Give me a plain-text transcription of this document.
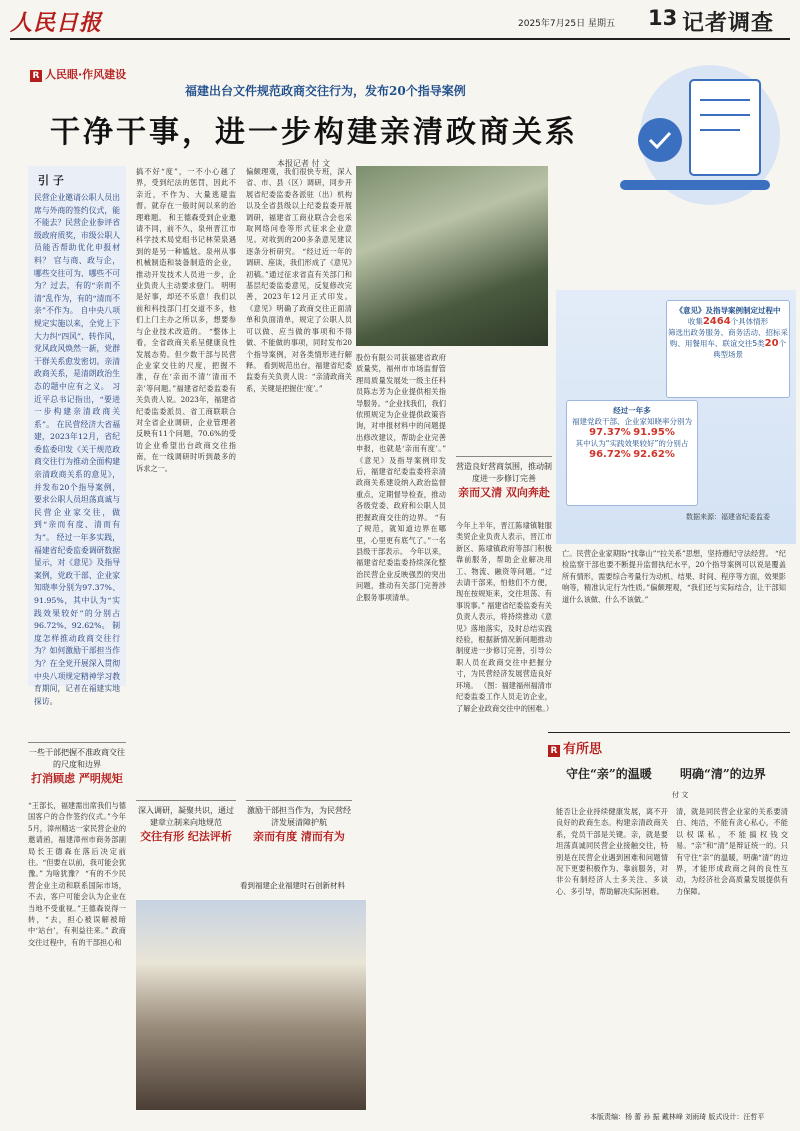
人民日报	2025年7月25日 星期五 13 记者调查
R 人民眼·作风建设
福建出台文件规范政商交往行为，发布20个指导案例
干净干事，进一步构建亲清政商关系
本报记者 付 文
引 子
民营企业邀请公职人员出席与外商的签约仪式，能不能去？民营企业参评省级政府质奖，市级公职人员能否帮助优化申报材料？ 官与商、政与企，哪些交往可为、哪些不可为？过去，有的“亲而不清”乱作为，有的“清而不亲”不作为。 自中央八项规定实施以来，全党上下大力纠“四风”、转作风，党风政风焕然一新，党群干群关系愈发密切。亲清政商关系，是清朗政治生态的题中应有之义。 习近平总书记指出，“要进一步构建亲清政商关系”。 在民营经济大省福建，2023年12月，省纪委监委印发《关于规范政商交往行为推动全面构建亲清政商关系的意见》，并发布20个指导案例，要求公职人员坦荡真诚与民营企业家交往，做到“亲而有度、清而有为”。 经过一年多实践，福建省纪委监委调研数据显示，对《意见》及指导案例，党政干部、企业家知晓率分别为97.37%、91.95%，其中认为“实践效果较好”的分别占96.72%、92.62%。 制度怎样推动政商交往行为？如何激励干部担当作为？在全党开展深入贯彻中央八项规定精神学习教育期间，记者在福建实地探访。
一些干部把握不准政商交往的尺度和边界
打消顾虑 严明规矩
“王部长，福建需出席我们与德国客户的合作签约仪式。”今年5月，漳州精达一家民营企业的邀请函，福建漳州市商务部副局长王德森在落后决定前往。“但要在以前，我可能会犹豫。” 为啥犹豫？ “有的不少民营企业主动和联系国际市场，不去，客户可能会认为企业在当地不受重视。”王德森说得一转，“去，担心被误解被暗中‘站台’，有利益往来。” 政商交往过程中，有的干部担心和
搞不好“度”，一不小心越了界，受到纪法的惩罚，因此不亲近，不作为、大量逃避监督。就存在一般时间以来的治理难题。 和王德森受到企业邀请不同，前不久，泉州晋江市科学技术局党组书记林荣泉遇到的是另一种尴尬。泉州从事机械制造和装备制造的企业，推动开发技术人员进一步，企业负责人主动要求登门。 明明是好事，却还不乐意！我们以前和科技部门打交道不多，他们上门主办之所以多，想要参与企业技术改造的。 “整体上看，全省政商关系呈健康良性发展态势。但少数干部与民营企业家交往的尺度，把握不准，存在‘亲而不清’‘清而不亲’等问题。”福建省纪委监委有关负责人说。2023年，福建省纪委监委派员、省工商联联合对全省企业调研，企业管理者反映有11个问题，70.6%的受访企业希望出台政商交往指南，在一线调研时听到最多的诉求之一。
深入调研，凝聚共识，通过建章立制来向地规范
交往有形 纪法评析
看到福建企业福建时石创新材料
偏颇理观，我们很快专班，深入省、市、县（区）调研，同步开展省纪委监委各派驻（出）机构以及全省县级以上纪委监委开展调研，福建省工商业联合会也采取网络问卷等形式征求企业意见。对收到的200多条意见建议逐条分析研究。 “经过近一年的调研、座谈，我们形成了《意见》初稿。”通过征求省直有关部门和基层纪委监委意见，反复修改完善，2023年12月正式印发。 《意见》明确了政商交往正面清单和负面清单，规定了公职人员可以做、应当做的事项和不得做、不能做的事项，同时发布20个指导案例，对各类情形进行解释。 看到规范出台，福建省纪委监委有关负责人说：“亲清政商关系，关键是把握住‘度’。”
激励干部担当作为，为民营经济发展清障护航
亲而有度 清而有为
股份有限公司获福建省政府质量奖，福州市市场监督管理局质量发展处一级主任科员陈志芳为企业提供相关指导服务。“企业找我们，我们依照规定为企业提供政策咨询，对申报材料中的问题提出修改建议，帮助企业完善申报，也就是‘亲而有度’。” 《意见》及指导案例印发后，福建省纪委监委将亲清政商关系建设纳入政治监督重点，定期督导检查，推动各级党委、政府和公职人员把握政商交往的边界。 “有了规范，就知道边界在哪里，心里更有底气了。”一名县级干部表示。 今年以来，福建省纪委监委持续深化整治民营企业反映强烈的突出问题，推动有关部门完善涉企服务事项清单。
营造良好营商氛围，推动制度进一步修订完善
亲而又清 双向奔赴
今年上半年，晋江陈埭镇鞋服类贸企业负责人表示，晋江市新区、陈埭镇政府等部门积极靠前服务，帮助企业解决用工、物流、融资等问题。“过去请干部来，怕他们不方便，现在按规矩来，交往坦荡、有事说事。” 福建省纪委监委有关负责人表示，将持续推动《意见》落地落实，及时总结实践经验，根据新情况新问题推动制度进一步修订完善，引导公职人员在政商交往中把握分寸，为民营经济发展营造良好环境。 （图：福建福州福清市纪委监委工作人员走访企业，了解企业政商交往中的困难。）
《意见》及指导案例制定过程中
收集2464个具体情形
筛选出政务服务、商务活动、招标采购、用餐用车、联谊交往5类20个典型场景
经过一年多
福建党政干部、企业家知晓率分别为
97.37% 91.95%
其中认为“实践效果较好”的分别占
96.72% 92.62%
数据来源：福建省纪委监委
亡。民营企业家期盼“找靠山”“拉关系”思想，坚持遵纪守法经营。 “纪检监察干部也要不断提升监督执纪水平，20个指导案例可以说是覆盖所有情形，需要综合考量行为动机、结果、时间、程序等方面，效果影响等，精准认定行为性质。”偏颇理观，“我们还与实际结合，让干部知道什么该做、什么不该做。”
R 有所思
守住“亲”的温暖 明确“清”的边界
付 文
能否让企业持续健康发展，离不开良好的政商生态。构建亲清政商关系，党员干部是关键。亲，就是要坦荡真诚同民营企业接触交往，特别是在民营企业遇到困难和问题情况下更要积极作为、靠前服务，对非公有制经济人士多关注、多谈心、多引导，帮助解决实际困难。
清，就是同民营企业家的关系要清白、纯洁，不能有贪心私心，不能以权谋私，不能搞权钱交易。“亲”和“清”是辩证统一的。只有守住“亲”的温暖，明确“清”的边界，才能形成政商之间的良性互动，为经济社会高质量发展提供有力保障。
本版责编：杨 蕾 孙 振 戴林峰 刘雨琦 版式设计：汪哲平
